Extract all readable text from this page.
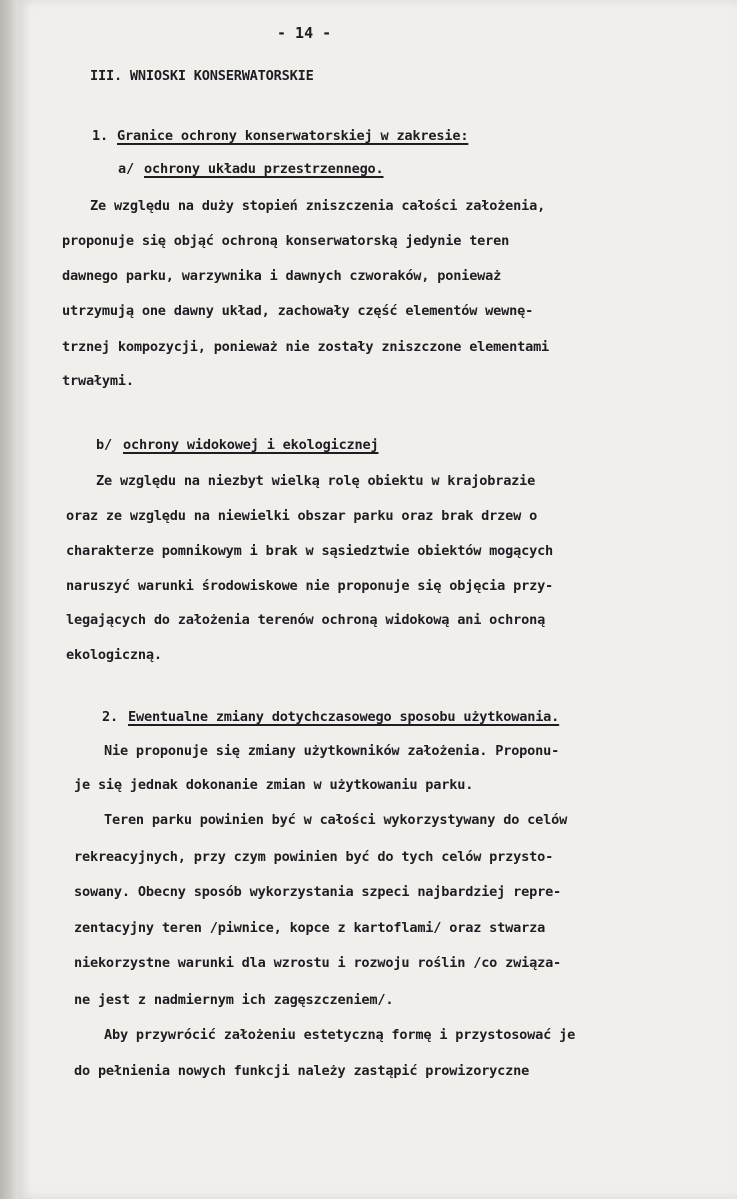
- 14 -
III. WNIOSKI KONSERWATORSKIE
1. Granice ochrony konserwatorskiej w zakresie:
a/ ochrony układu przestrzennego.
Ze względu na duży stopień zniszczenia całości założenia,
proponuje się objąć ochroną konserwatorską jedynie teren
dawnego parku, warzywnika i dawnych czworaków, ponieważ
utrzymują one dawny układ, zachowały część elementów wewnę-
trznej kompozycji, ponieważ nie zostały zniszczone elementami
trwałymi.
b/ ochrony widokowej i ekologicznej
Ze względu na niezbyt wielką rolę obiektu w krajobrazie
oraz ze względu na niewielki obszar parku oraz brak drzew o
charakterze pomnikowym i brak w sąsiedztwie obiektów mogących
naruszyć warunki środowiskowe nie proponuje się objęcia przy-
legających do założenia terenów ochroną widokową ani ochroną
ekologiczną.
2. Ewentualne zmiany dotychczasowego sposobu użytkowania.
Nie proponuje się zmiany użytkowników założenia. Proponu-
je się jednak dokonanie zmian w użytkowaniu parku.
Teren parku powinien być w całości wykorzystywany do celów
rekreacyjnych, przy czym powinien być do tych celów przysto-
sowany. Obecny sposób wykorzystania szpeci najbardziej repre-
zentacyjny teren /piwnice, kopce z kartoflami/ oraz stwarza
niekorzystne warunki dla wzrostu i rozwoju roślin /co związa-
ne jest z nadmiernym ich zagęszczeniem/.
Aby przywrócić założeniu estetyczną formę i przystosować je
do pełnienia nowych funkcji należy zastąpić prowizoryczne
